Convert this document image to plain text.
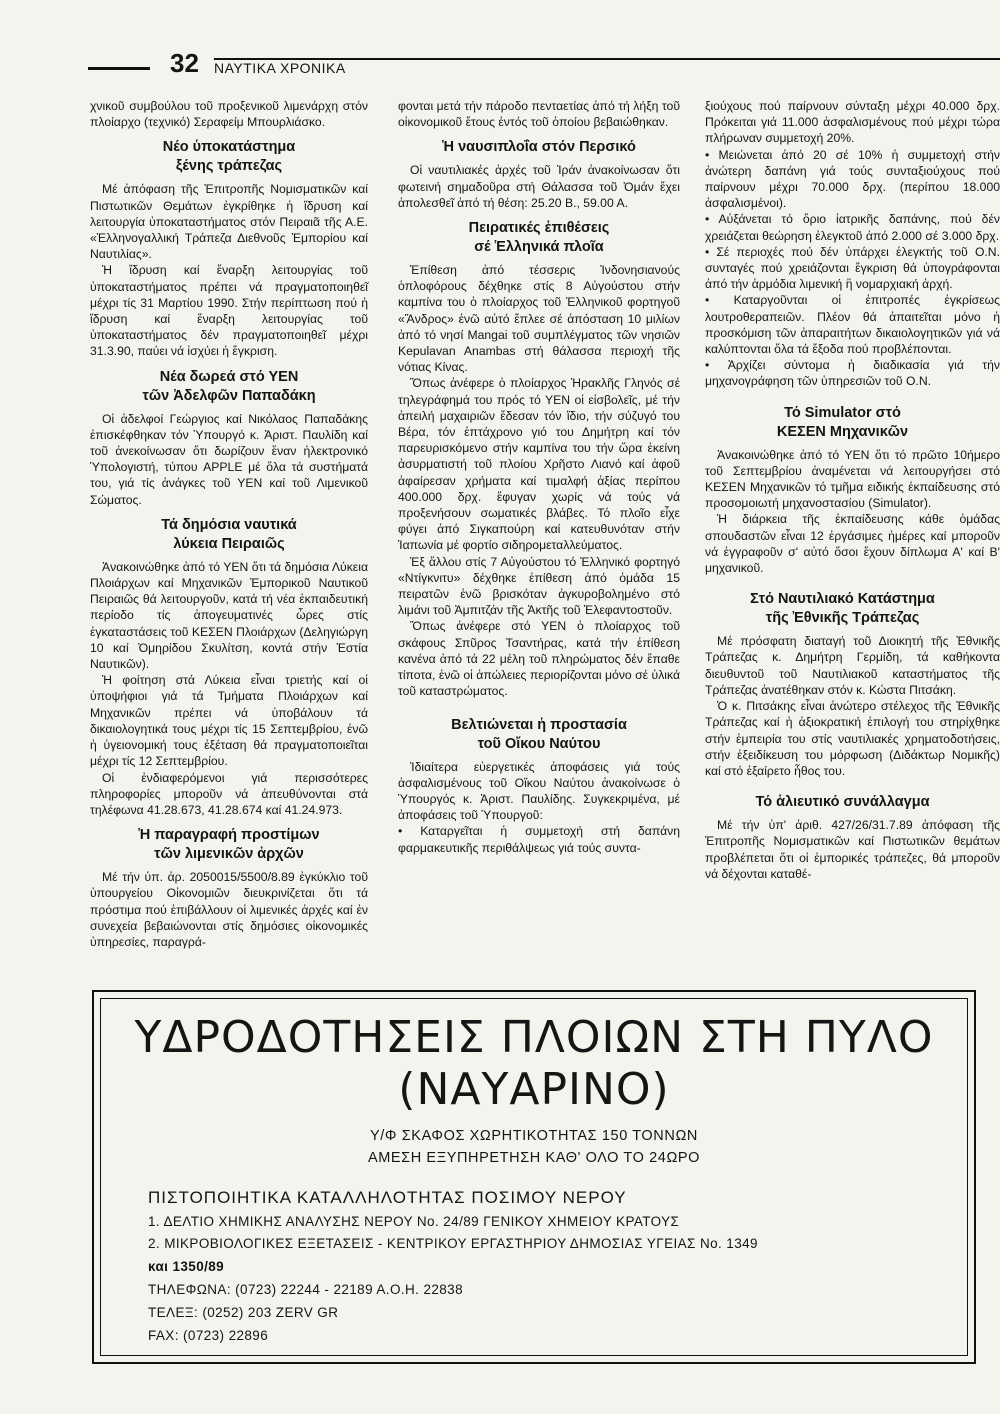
32 ΝΑΥΤΙΚΑ ΧΡΟΝΙΚΑ

χνικοῦ συμβούλου τοῦ προξενικοῦ λιμενάρχη στόν πλοίαρχο (τεχνικό) Σεραφείμ Μπουρλιάσκο.

Νέο ὑποκατάστημα
ξένης τράπεζας

Μέ ἀπόφαση τῆς Ἐπιτροπῆς Νομισματικῶν καί Πιστωτικῶν Θεμάτων ἐγκρίθηκε ἡ ἵδρυση καί λειτουργία ὑποκαταστήματος στόν Πειραιᾶ τῆς Α.Ε. «Ἑλληνογαλλική Τράπεζα Διεθνοῦς Ἐμπορίου καί Ναυτιλίας».

Ἡ ἵδρυση καί ἔναρξη λειτουργίας τοῦ ὑποκαταστήματος πρέπει νά πραγματοποιηθεῖ μέχρι τίς 31 Μαρτίου 1990. Στήν περίπτωση πού ἡ ἵδρυση καί ἔναρξη λειτουργίας τοῦ ὑποκαταστήματος δέν πραγματοποιηθεῖ μέχρι 31.3.90, παύει νά ἰσχύει ἡ ἔγκριση.

Νέα δωρεά στό ΥΕΝ
τῶν Ἀδελφῶν Παπαδάκη

Οἱ ἀδελφοί Γεώργιος καί Νικόλαος Παπαδάκης ἐπισκέφθηκαν τόν Ὑπουργό κ. Ἀριστ. Παυλίδη καί τοῦ ἀνεκοίνωσαν ὅτι δωρίζουν ἕναν ἠλεκτρονικό Ὑπολογιστή, τύπου APPLE μέ ὅλα τά συστήματά του, γιά τίς ἀνάγκες τοῦ ΥΕΝ καί τοῦ Λιμενικοῦ Σώματος.

Τά δημόσια ναυτικά
λύκεια Πειραιῶς

Ἀνακοινώθηκε ἀπό τό ΥΕΝ ὅτι τά δημόσια Λύκεια Πλοιάρχων καί Μηχανικῶν Ἐμπορικοῦ Ναυτικοῦ Πειραιῶς θά λειτουργοῦν, κατά τή νέα ἐκπαιδευτική περίοδο τίς ἀπογευματινές ὧρες στίς ἐγκαταστάσεις τοῦ ΚΕΣΕΝ Πλοιάρχων (Δεληγιώργη 10 καί Ὀμηρίδου Σκυλίτση, κοντά στήν Ἑστία Ναυτικῶν).

Ἡ φοίτηση στά Λύκεια εἶναι τριετής καί οἱ ὑποψήφιοι γιά τά Τμήματα Πλοιάρχων καί Μηχανικῶν πρέπει νά ὑποβάλουν τά δικαιολογητικά τους μέχρι τίς 15 Σεπτεμβρίου, ἐνῶ ἡ ὑγειονομική τους ἐξέταση θά πραγματοποιεῖται μέχρι τίς 12 Σεπτεμβρίου.

Οἱ ἐνδιαφερόμενοι γιά περισσότερες πληροφορίες μποροῦν νά ἀπευθύνονται στά τηλέφωνα 41.28.673, 41.28.674 καί 41.24.973.

Ἡ παραγραφή προστίμων
τῶν λιμενικῶν ἀρχῶν

Μέ τήν ὑπ. ἀρ. 2050015/5500/8.89 ἐγκύκλιο τοῦ ὑπουργείου Οἰκονομιῶν διευκρινίζεται ὅτι τά πρόστιμα πού ἐπιβάλλουν οἱ λιμενικές ἀρχές καί ἐν συνεχεία βεβαιώνονται στίς δημόσιες οἰκονομικές ὑπηρεσίες, παραγρά-

φονται μετά τήν πάροδο πενταετίας ἀπό τή λήξη τοῦ οἰκονομικοῦ ἔτους ἐντός τοῦ ὁποίου βεβαιώθηκαν.

Ἡ ναυσιπλοΐα στόν Περσικό

Οἱ ναυτιλιακές ἀρχές τοῦ Ἰράν ἀνακοίνωσαν ὅτι φωτεινή σημαδοῦρα στή Θάλασσα τοῦ Ὀμάν ἔχει ἀπολεσθεῖ ἀπό τή θέση: 25.20 Β., 59.00 Α.

Πειρατικές ἐπιθέσεις
σέ Ἑλληνικά πλοῖα

Ἐπίθεση ἀπό τέσσερις Ἰνδονησιανούς ὁπλοφόρους δέχθηκε στίς 8 Αὐγούστου στήν καμπίνα του ὁ πλοίαρχος τοῦ Ἑλληνικοῦ φορτηγοῦ «Ἄνδρος» ἐνῶ αὐτό ἔπλεε σέ ἀπόσταση 10 μιλίων ἀπό τό νησί Mangai τοῦ συμπλέγματος τῶν νησιῶν Kepulavan Anambas στή θάλασσα περιοχή τῆς νότιας Κίνας.

Ὅπως ἀνέφερε ὁ πλοίαρχος Ἡρακλῆς Γληνός σέ τηλεγράφημά του πρός τό ΥΕΝ οἱ εἰσβολεῖς, μέ τήν ἀπειλή μαχαιριῶν ἔδεσαν τόν ἴδιο, τήν σύζυγό του Βέρα, τόν ἐπτάχρονο γιό του Δημήτρη καί τόν παρευρισκόμενο στήν καμπίνα του τήν ὥρα ἐκείνη ἀσυρματιστή τοῦ πλοίου Χρῆστο Λιανό καί ἀφοῦ ἀφαίρεσαν χρήματα καί τιμαλφή ἀξίας περίπου 400.000 δρχ. ἔφυγαν χωρίς νά τούς νά προξενήσουν σωματικές βλάβες. Τό πλοῖο εἶχε φύγει ἀπό Σιγκαπούρη καί κατευθυνόταν στήν Ἰαπωνία μέ φορτίο σιδηρομεταλλεύματος.

Ἐξ ἄλλου στίς 7 Αὐγούστου τό Ἑλληνικό φορτηγό «Ντίγκνιτυ» δέχθηκε ἐπίθεση ἀπό ὁμάδα 15 πειρατῶν ἐνῶ βρισκόταν ἀγκυροβολημένο στό λιμάνι τοῦ Ἀμπιτζάν τῆς Ἀκτῆς τοῦ Ἐλεφαντοστοῦν.

Ὅπως ἀνέφερε στό ΥΕΝ ὁ πλοίαρχος τοῦ σκάφους Σπῦρος Τσαντήρας, κατά τήν ἐπίθεση κανένα ἀπό τά 22 μέλη τοῦ πληρώματος δέν ἔπαθε τίποτα, ἐνῶ οἱ ἀπώλειες περιορίζονται μόνο σέ ὑλικά τοῦ καταστρώματος.

Βελτιώνεται ἡ προστασία
τοῦ Οἴκου Ναύτου

Ἰδιαίτερα εὐεργετικές ἀποφάσεις γιά τούς ἀσφαλισμένους τοῦ Οἴκου Ναύτου ἀνακοίνωσε ὁ Ὑπουργός κ. Ἀριστ. Παυλίδης. Συγκεκριμένα, μέ ἀποφάσεις τοῦ Ὑπουργοῦ:

• Καταργεῖται ἡ συμμετοχή στή δαπάνη φαρμακευτικῆς περιθάλψεως γιά τούς συντα-

ξιούχους πού παίρνουν σύνταξη μέχρι 40.000 δρχ. Πρόκειται γιά 11.000 ἀσφαλισμένους πού μέχρι τώρα πλήρωναν συμμετοχή 20%.

• Μειώνεται ἀπό 20 σέ 10% ἡ συμμετοχή στήν ἀνώτερη δαπάνη γιά τούς συνταξιούχους πού παίρνουν μέχρι 70.000 δρχ. (περίπου 18.000 ἀσφαλισμένοι).

• Αὐξάνεται τό ὅριο ἰατρικῆς δαπάνης, πού δέν χρειάζεται θεώρηση ἐλεγκτοῦ ἀπό 2.000 σέ 3.000 δρχ.

• Σέ περιοχές πού δέν ὑπάρχει ἐλεγκτής τοῦ Ο.Ν. συνταγές πού χρειάζονται ἔγκριση θά ὑπογράφονται ἀπό τήν ἁρμόδια λιμενική ἢ νομαρχιακή ἀρχή.

• Καταργοῦνται οἱ ἐπιτροπές ἐγκρίσεως λουτροθεραπειῶν. Πλέον θά ἀπαιτεῖται μόνο ἡ προσκόμιση τῶν ἀπαραιτήτων δικαιολογητικῶν γιά νά καλύπτονται ὅλα τά ἔξοδα πού προβλέπονται.

• Ἀρχίζει σύντομα ἡ διαδικασία γιά τήν μηχανογράφηση τῶν ὑπηρεσιῶν τοῦ Ο.Ν.

Τό Simulator στό
ΚΕΣΕΝ Μηχανικῶν

Ἀνακοινώθηκε ἀπό τό ΥΕΝ ὅτι τό πρῶτο 10ήμερο τοῦ Σεπτεμβρίου ἀναμένεται νά λειτουργήσει στό ΚΕΣΕΝ Μηχανικῶν τό τμῆμα ειδικής ἐκπαίδευσης στό προσομοιωτή μηχανοστασίου (Simulator).

Ἡ διάρκεια τῆς ἐκπαίδευσης κάθε ὁμάδας σπουδαστῶν εἶναι 12 ἐργάσιμες ἡμέρες καί μποροῦν νά ἐγγραφοῦν σ' αὐτό ὅσοι ἔχουν δίπλωμα Α' καί Β' μηχανικοῦ.

Στό Ναυτιλιακό Κατάστημα
τῆς Ἐθνικῆς Τράπεζας

Μέ πρόσφατη διαταγή τοῦ Διοικητή τῆς Ἐθνικῆς Τράπεζας κ. Δημήτρη Γερμίδη, τά καθήκοντα διευθυντοῦ τοῦ Ναυτιλιακοῦ καταστήματος τῆς Τράπεζας ἀνατέθηκαν στόν κ. Κώστα Πιτσάκη.

Ὁ κ. Πιτσάκης εἶναι ἀνώτερο στέλεχος τῆς Ἐθνικῆς Τράπεζας καί ἡ ἀξιοκρατική ἐπιλογή του στηρίχθηκε στήν ἐμπειρία του στίς ναυτιλιακές χρηματοδοτήσεις, στήν ἐξειδίκευση του μόρφωση (Διδάκτωρ Νομικῆς) καί στό ἐξαίρετο ἦθος του.

Τό ἁλιευτικό συνάλλαγμα

Μέ τήν ὑπ' ἀριθ. 427/26/31.7.89 ἀπόφαση τῆς Ἐπιτροπῆς Νομισματικῶν καί Πιστωτικῶν θεμάτων προβλέπεται ὅτι οἱ ἐμπορικές τράπεζες, θά μποροῦν νά δέχονται καταθέ-

ΥΔΡΟΔΟΤΗΣΕΙΣ ΠΛΟΙΩΝ ΣΤΗ ΠΥΛΟ
(ΝΑΥΑΡΙΝΟ)
Υ/Φ ΣΚΑΦΟΣ ΧΩΡΗΤΙΚΟΤΗΤΑΣ 150 ΤΟΝΝΩΝ
ΑΜΕΣΗ ΕΞΥΠΗΡΕΤΗΣΗ ΚΑΘ' ΟΛΟ ΤΟ 24ΩΡΟ
ΠΙΣΤΟΠΟΙΗΤΙΚΑ ΚΑΤΑΛΛΗΛΟΤΗΤΑΣ ΠΟΣΙΜΟΥ ΝΕΡΟΥ
1. ΔΕΛΤΙΟ ΧΗΜΙΚΗΣ ΑΝΑΛΥΣΗΣ ΝΕΡΟΥ No. 24/89 ΓΕΝΙΚΟΥ ΧΗΜΕΙΟΥ ΚΡΑΤΟΥΣ
2. ΜΙΚΡΟΒΙΟΛΟΓΙΚΕΣ ΕΞΕΤΑΣΕΙΣ - ΚΕΝΤΡΙΚΟΥ ΕΡΓΑΣΤΗΡΙΟΥ ΔΗΜΟΣΙΑΣ ΥΓΕΙΑΣ No. 1349
και 1350/89
ΤΗΛΕΦΩΝΑ: (0723) 22244 - 22189 Α.Ο.Η. 22838
ΤΕΛΕΞ: (0252) 203 ZERV GR
FAX: (0723) 22896
